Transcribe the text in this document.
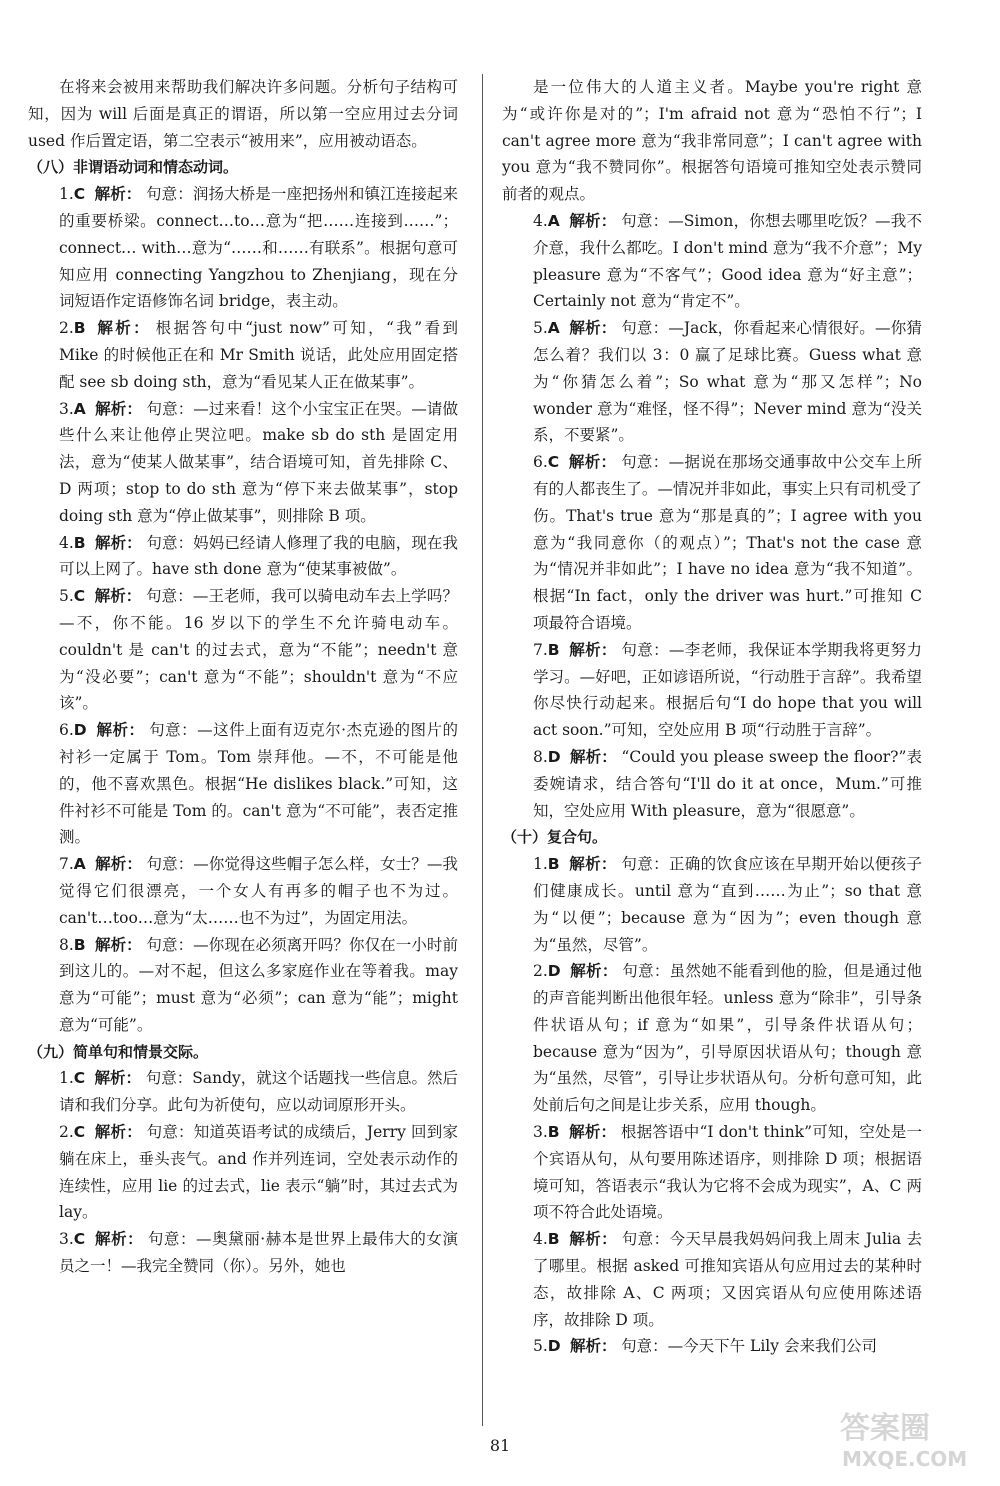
在将来会被用来帮助我们解决许多问题。分析句子结构可知，因为 will 后面是真正的谓语，所以第一空应用过去分词 used 作后置定语，第二空表示“被用来”，应用被动语态。

（八）非谓语动词和情态动词。

1.C 解析： 句意：润扬大桥是一座把扬州和镇江连接起来的重要桥梁。connect…to…意为“把……连接到……”；connect… with…意为“……和……有联系”。根据句意可知应用 connecting Yangzhou to Zhenjiang，现在分词短语作定语修饰名词 bridge，表主动。

2.B 解析： 根据答句中“just now”可知，“我”看到 Mike 的时候他正在和 Mr Smith 说话，此处应用固定搭配 see sb doing sth，意为“看见某人正在做某事”。

3.A 解析： 句意：—过来看！这个小宝宝正在哭。—请做些什么来让他停止哭泣吧。make sb do sth 是固定用法，意为“使某人做某事”，结合语境可知，首先排除 C、D 两项；stop to do sth 意为“停下来去做某事”，stop doing sth 意为“停止做某事”，则排除 B 项。

4.B 解析： 句意：妈妈已经请人修理了我的电脑，现在我可以上网了。have sth done 意为“使某事被做”。

5.C 解析： 句意：—王老师，我可以骑电动车去上学吗？—不，你不能。16 岁以下的学生不允许骑电动车。couldn't 是 can't 的过去式，意为“不能”；needn't 意为“没必要”；can't 意为“不能”；shouldn't 意为“不应该”。

6.D 解析： 句意：—这件上面有迈克尔·杰克逊的图片的衬衫一定属于 Tom。Tom 崇拜他。—不，不可能是他的，他不喜欢黑色。根据“He dislikes black.”可知，这件衬衫不可能是 Tom 的。can't 意为“不可能”，表否定推测。

7.A 解析： 句意：—你觉得这些帽子怎么样，女士？—我觉得它们很漂亮，一个女人有再多的帽子也不为过。can't…too…意为“太……也不为过”，为固定用法。

8.B 解析： 句意：—你现在必须离开吗？你仅在一小时前到这儿的。—对不起，但这么多家庭作业在等着我。may 意为“可能”；must 意为“必须”；can 意为“能”；might 意为“可能”。

（九）简单句和情景交际。

1.C 解析： 句意：Sandy，就这个话题找一些信息。然后请和我们分享。此句为祈使句，应以动词原形开头。

2.C 解析： 句意：知道英语考试的成绩后，Jerry 回到家躺在床上，垂头丧气。and 作并列连词，空处表示动作的连续性，应用 lie 的过去式，lie 表示“躺”时，其过去式为 lay。

3.C 解析： 句意：—奥黛丽·赫本是世界上最伟大的女演员之一！—我完全赞同（你）。另外，她也

是一位伟大的人道主义者。Maybe you're right 意为“或许你是对的”；I'm afraid not 意为“恐怕不行”；I can't agree more 意为“我非常同意”；I can't agree with you 意为“我不赞同你”。根据答句语境可推知空处表示赞同前者的观点。

4.A 解析： 句意：—Simon，你想去哪里吃饭？—我不介意，我什么都吃。I don't mind 意为“我不介意”；My pleasure 意为“不客气”；Good idea 意为“好主意”；Certainly not 意为“肯定不”。

5.A 解析： 句意：—Jack，你看起来心情很好。—你猜怎么着？我们以 3：0 赢了足球比赛。Guess what 意为“你猜怎么着”；So what 意为“那又怎样”；No wonder 意为“难怪，怪不得”；Never mind 意为“没关系，不要紧”。

6.C 解析： 句意：—据说在那场交通事故中公交车上所有的人都丧生了。—情况并非如此，事实上只有司机受了伤。That's true 意为“那是真的”；I agree with you 意为“我同意你（的观点）”；That's not the case 意为“情况并非如此”；I have no idea 意为“我不知道”。根据“In fact，only the driver was hurt.”可推知 C 项最符合语境。

7.B 解析： 句意：—李老师，我保证本学期我将更努力学习。—好吧，正如谚语所说，“行动胜于言辞”。我希望你尽快行动起来。根据后句“I do hope that you will act soon.”可知，空处应用 B 项“行动胜于言辞”。

8.D 解析： “Could you please sweep the floor?”表委婉请求，结合答句“I'll do it at once，Mum.”可推知，空处应用 With pleasure，意为“很愿意”。

（十）复合句。

1.B 解析： 句意：正确的饮食应该在早期开始以便孩子们健康成长。until 意为“直到……为止”；so that 意为“以便”；because 意为“因为”；even though 意为“虽然，尽管”。

2.D 解析： 句意：虽然她不能看到他的脸，但是通过他的声音能判断出他很年轻。unless 意为“除非”，引导条件状语从句；if 意为“如果”，引导条件状语从句；because 意为“因为”，引导原因状语从句；though 意为“虽然，尽管”，引导让步状语从句。分析句意可知，此处前后句之间是让步关系，应用 though。

3.B 解析： 根据答语中“I don't think”可知，空处是一个宾语从句，从句要用陈述语序，则排除 D 项；根据语境可知，答语表示“我认为它将不会成为现实”，A、C 两项不符合此处语境。

4.B 解析： 句意：今天早晨我妈妈问我上周末 Julia 去了哪里。根据 asked 可推知宾语从句应用过去的某种时态，故排除 A、C 两项；又因宾语从句应使用陈述语序，故排除 D 项。

5.D 解析： 句意：—今天下午 Lily 会来我们公司

81	答案圈
MXQE.COM
